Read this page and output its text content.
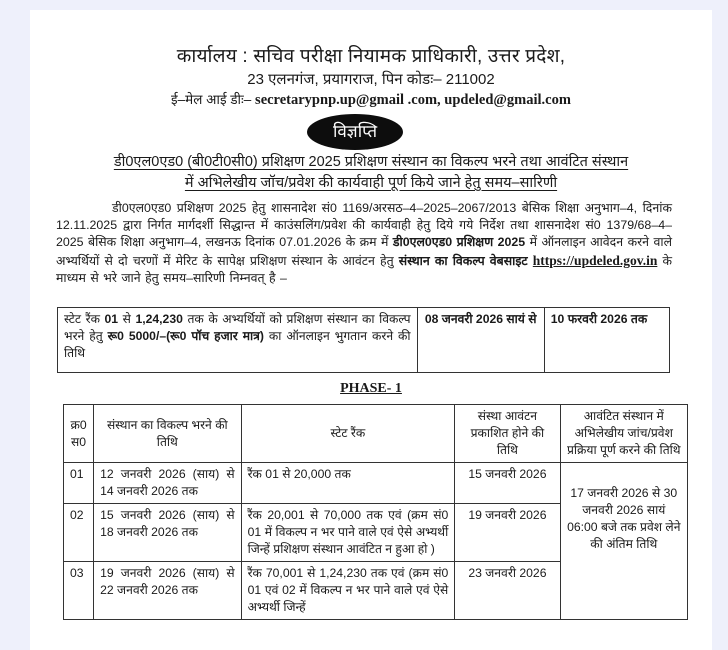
कार्यालय : सचिव परीक्षा नियामक प्राधिकारी, उत्तर प्रदेश,
23 एलनगंज, प्रयागराज, पिन कोडः– 211002
ई–मेल आई डीः– secretarypnp.up@gmail .com, updeled@gmail.com
विज्ञप्ति
डी0एल0एड0 (बी0टी0सी0) प्रशिक्षण 2025 प्रशिक्षण संस्थान का विकल्प भरने तथा आवंटित संस्थान
में अभिलेखीय जॉच/प्रवेश की कार्यवाही पूर्ण किये जाने हेतु समय–सारिणी
डी0एल0एड0 प्रशिक्षण 2025 हेतु शासनादेश सं0 1169/अरसठ–4–2025–2067/2013 बेसिक शिक्षा अनुभाग–4, दिनांक 12.11.2025 द्वारा निर्गत मार्गदर्शी सिद्धान्त में काउंसलिंग/प्रवेश की कार्यवाही हेतु दिये गये निर्देश तथा शासनादेश सं0 1379/68–4–2025 बेसिक शिक्षा अनुभाग–4, लखनऊ दिनांक 07.01.2026 के क्रम में डी0एल0एड0 प्रशिक्षण 2025 में ऑनलाइन आवेदन करने वाले अभ्यर्थियों से दो चरणों में मेरिट के सापेक्ष प्रशिक्षण संस्थान के आवंटन हेतु संस्थान का विकल्प वेबसाइट https://updeled.gov.in के माध्यम से भरे जाने हेतु समय–सारिणी निम्नवत् है –
स्टेट रैंक 01 से 1,24,230 तक के अभ्यर्थियों को प्रशिक्षण संस्थान का विकल्प भरने हेतु रू0 5000/–(रू0 पॉच हजार मात्र) का ऑनलाइन भुगतान करने की तिथि	08 जनवरी 2026 सायं से	10 फरवरी 2026 तक
PHASE- 1
क्र0 स0	संस्थान का विकल्प भरने की तिथि	स्टेट रैंक	संस्था आवंटन प्रकाशित होने की तिथि	आवंटित संस्थान में अभिलेखीय जांच/प्रवेश प्रक्रिया पूर्ण करने की तिथि
01	12 जनवरी 2026 (साय) से 14 जनवरी 2026 तक	रैंक 01 से 20,000 तक	15 जनवरी 2026	17 जनवरी 2026 से 30 जनवरी 2026 सायं 06:00 बजे तक प्रवेश लेने की अंतिम तिथि
02	15 जनवरी 2026 (साय) से 18 जनवरी 2026 तक	रैंक 20,001 से 70,000 तक एवं (क्रम सं0 01 में विकल्प न भर पाने वाले एवं ऐसे अभ्यर्थी जिन्हें प्रशिक्षण संस्थान आवंटित न हुआ हो )	19 जनवरी 2026	
03	19 जनवरी 2026 (साय) से 22 जनवरी 2026 तक	रैंक 70,001 से 1,24,230 तक एवं (क्रम सं0 01 एवं 02 में विकल्प न भर पाने वाले एवं ऐसे अभ्यर्थी जिन्हें	23 जनवरी 2026	
